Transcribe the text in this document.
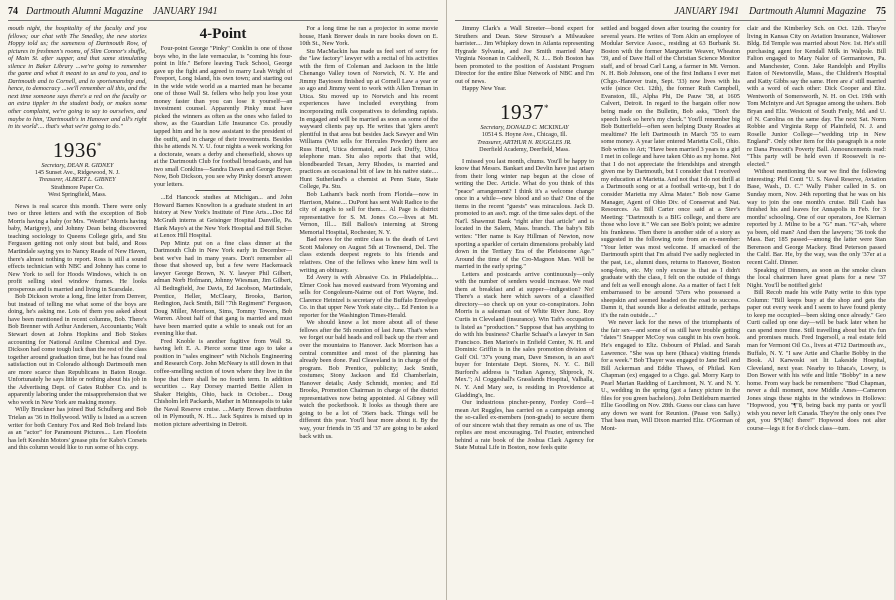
74 Dartmouth Alumni Magazine JANUARY 1941

mouth night, the hospitality of the faculty and you fellows; our chat with The Smedley, the new stories Hoppy told us; the sameness of Dartmouth Row, of pictures in freshmen's rooms, of Slim Connor's shuffle, of Main St. after supper, and that same stimulating silence in Baker Library ...we're going to remember the game and what it meant to us and to you, and to Dartmouth and to Cornell, and to sportsmanship and, hence, to democracy ...we'll remember all this, and the next time someone says there's a red on the faculty or an extra tippler in the student body, or makes some other complaint, we're going to say to ourselves, and maybe to him, 'Dartmouth's in Hanover and all's right in its world'.... that's what we're going to do."

1936*
Secretary, DEAN R. GIDNEY
145 Sunset Ave., Ridgewood, N. J.
Treasurer, ALBERT L. GIBNEY
Strathmore Paper Co.
West Springfield, Mass.

News is real scarce this month. There were only two or three letters and with the exception of Bob Morris having a baby (or Mrs. "Weetie" Morris having baby, Marigrey), and Johnny Dean being discovered teaching sociology to Queens College girls, and Stu Ferguson getting not only stout but bald, and Ross Martindale saying yes to Nancy Reade of New Haven, there's almost nothing to report. Ross is still a sound effects technician with NBC and Johnny has come to New York to sell for Hoods Windows, which is on profit selling steel window frames. He looks prosperous and is married and living in Scarsdale.

Bob Dickson wrote a long, fine letter from Denver, but instead of telling me what some of the boys are doing, he's asking me. Lots of them you asked about have been mentioned in recent columns, Bob. There's Bob Brenner with Arthur Andersen, Accountants; Walt Stewart down at Johns Hopkins and Bob Stokes accounting for National Aniline Chemical and Dye. Dickson had come tough luck than the rest of the class together around graduation time, but he has found real satisfaction out in Colorado although Dartmouth men are more scarce than Republicans in Baton Rouge. Unfortunately he says little or nothing about his job in the Advertising Dept. of Gates Rubber Co. and is apparently laboring under the misapprehension that we who work in New York are making money.

Willy Bruckner has joined Bud Schulberg and Bob Trielan as '36 in Hollywood. Willy is listed as a screen writer for both Century Fox and Red Bob Ireland lists as an "actor" for Paramount Pictures.... Len Floofein has left Keeshin Motors' grease pits for Kabo's Corsets and this column would like to run some of his copy.

4-Point

Four-point George "Pinky" Conklin is one of those boys who, in the late vernacular, is "coming his four-point in life." Before leaving Tuck School, George gave up the fight and agreed to marry Leah Wright of Freeport, Long Island, his own town; and starting out in the wide wide world as a married man he became one of those Wall St. fellers who help you lose your money faster than you can lose it yourself—an investment counsel. Apparently Pinky must have picked the winners as often as the ones who failed to show, as the Guardian Life Insurance Co. proudly tapped him and he is now assistant to the president of the outfit, and in charge of their investments. Besides this he attends N. Y. U. four nights a week working for a doctorate, wears a derby and cheesefield, shows up at the Dartmouth Club for football broadcasts, and has two small Conklins—Sandra Dawn and George Bryer. Now, Bob Dickson, you see why Pinky doesn't answer your letters.

...Ed Hancock studies at Michigan... and John Howard Barnes Knowlton is a graduate student in art history at New York's Institute of Fine Arts....Doc Ed McGrath interns at Geisinger Hospital Danville, Pa. Hank Mayo's at the New York Hospital and Bill Sicher at Lenox Hill Hospital.

Pep Mintz put on a fine class dinner at the Dartmouth Club in New York early in December—best we've had in many years. Don't remember all those that showed up, but a few were Hackensack lawyer George Brown, N. Y. lawyer Phil Gilbert, adman Norb Hofmann, Johnny Wiesman, Jim Gilbert, Al Bedingfield, Joe Davis, Ed Jacobson, Martindale, Prentice, Heller, McCleary, Brooks, Barton, Redington, Jack Smith, Bill "7th Regiment" Ferguson, Doug Miller, Morrison, Sims, Tommy Towers, Bob Warren. About half of that gang is married and must have been married quite a while to sneak out for an evening like that.

Fred Knoble is another fugitive from Wall St. having left E. A. Pierce some time ago to take a position in "sales engineer" with Nichols Engineering and Research Corp. John McNeary is still down in that coffee-smelling section of town where they live in the hope that there shall be no fourth term. In addition securities ... Ray Dorsey married Bettie Allen in Shaker Heights, Ohio, back in October.... Doug Chisholm left Packards, Mather in Minneapolis to take the Naval Reserve cruise. ....Marty Brown distributes oil in Plymouth, N. H.... Jack Squires is mixed up in motion picture advertising in Detroit.

For a long time he ran a projector in some movie house, Hank Brewer deals in rare books down on E. 10th St., New York.

Stu MacMackin has made us feel sort of sorry for the "law factory" lawyer with a recital of his activities with the firm of Coleman and Jackson in the little Chenango Valley town of Norwich, N. Y. He and Jimmy Baytoson finished up at Cornell Law a year or so ago and Jimmy went to work with Allen Treman in Utica. Stu moved up to Norwich and his recent experiences have included everything from incorporating milk cooperatives to defending rapists. In engaged and will be married as soon as some of the wayward clients pay up. He writes that 'glers aren't plentiful in that area but besides Jack Sawyer and Win Williams (Win sells for Hercules Powder) there are Russ Hurd, Utica dermatol, and Jack Duffy, Utica telephone man. Stu also reports that that wild, blondbearded Texan, Jerry Rhodes, is married and practices an occasional bit of law in his native state.... Hunt Sutherland's a chemist at Penn State, State College, Pa. Stu.

Bob Latham's back north from Florida—now in Harrison, Maine.... DuPont has sent Walt Radice to the city of angels to sell for them.... Al Page is district representative for S. M. Jones Co.—lives at Mt. Vernon, Ill.... Bill Ballou's interning at Strong Memorial Hospital, Rochester, N. Y.

Bad news for the entire class is the death of Levi Scott Maloney on August 5th at Townsend, Del. The class extends deepest regrets to his friends and relatives. One of the fellows who knew him well is writing an obituary.

Ed Avery is with Abrasive Co. in Philadelphia.... Elmer Cook has moved eastward from Wyoming and sells for Congoleum-Nairne out of Fort Wayne, Ind. Clarence Heintzel is secretary of the Buffalo Envelope Co. in that upper New York state city.... Ed Fenton is a reporter for the Washington Times-Herald.

We should know a lot more about all of these fellows after the 5th reunion of last June. That's when we forget our bald heads and roll back up the river and over the mountains to Hanover. Jack Morrison has a central committee and most of the planning has already been done. Paul Cleaveland is in charge of the program. Bob Prentice, publicity; Jack Smith, costumes; Stony Jackson and Ed Chamberlain, Hanover details; Andy Schmidt, monies; and Ed Brooks, Promotion Chairman in charge of the district representatives now being appointed. Al Gibney will watch the pocketbook. It looks as though there are going to be a lot of '36ers back. Things will be different this year. You'll hear more about it. By the way, your friends in '35 and '37 are going to be asked back with us.

JANUARY 1941 Dartmouth Alumni Magazine 75

Jimmy Clark's a Wall Streeter—bond expert for Struthers and Dean. Stew Strouse's a Milwaukee barrister.... Jim Whipkey down in Atlanta representing Hygrade Sylvania, and Joe Smith married Mary Virginia Noonan in Caldwell, N. J.... Bob Boston has been promoted to the position of Assistant Program Director for the entire Blue Network of NBC and I'm out of news.

Happy New Year.

1937*
Secretary, DONALD C. MCKINLAY
10514 S. Hoyne Ave., Chicago, Ill.
Treasurer, ARTHUR N. RUGGLES JR.
Deerfield Academy, Deerfield, Mass.

I missed you last month, chums. You'll be happy to know that Messrs. Bankart and Devlin have just arisen from their long winter nap begun at the close of writing the Dec. Article. What do you think of this "peace" arrangement? I think it's a welcome change once in a while—new blood and so that? One of the items in the recent "guests" was miraculous. Jack D. promoted to an ass't. mgr. of the time sales dept. of the Nat'l. Shawmut Bank "right after that article" and is located in the Salem, Mass. branch. The baby's Bib writes: "Her name is Kay Hillman of Newton, now sporting a sparkler of certain dimensions probably laid down in the Tertiary Era of the Pleistocene Age." Around the time of the Cro-Magnon Man. Will be married in the early spring."

Letters and postcards arrive continuously—only with the number of senders would increase. We read them at breakfast and at supper—indigestion? No! There's a stack here which savors of a classified directory—so check up on your co-conspirators. John Morris is a salesman out of White River Junc. Roy Curtis in Cleveland (insurance). Win Taft's occupation is listed as "production." Suppose that has anything to do with his business? Charlie Schaaf's a lawyer in San Francisco. Ben Marion's in Enfield Center, N. H. and Dominic Griffin is in the sales promotion division of Gulf Oil. '37's young man, Dave Smeson, is an ass't buyer for Interstate Dept. Stores, N. Y. C. Bill Burford's address is "Indian Agency, Shiprock, N. Mex."; Al Coggeshall's Grasslands Hospital, Valhalla, N. Y. And Mary sez, is residing in Providence at Gladding's, Inc.

Our industrious pincher-penny, Fordey Cord—I mean Art Ruggles, has carried on a campaign among the so-called ex-members (non-grads) to secure them of our sincere wish that they remain as one of us. The replies are most encouraging. Tel Frazier, entrenched behind a rate book of the Joshua Clark Agency for State Mutual Life in Boston, now feels quite

settled and bogged down after touring the country for several years. He writes of Tom Akin an employee of Modular Service Assoc., residing at 63 Burbank St. Boston with the former Marguerite Weaver, Wheaton '39, and of Dave Hall of the Christian Science Monitor staff, and of broad Carl Lang, a farmer in Mt. Vernon. N. H. Bob Johnson, one of the first Indians I ever met (Chgo.-Hanover train, Sept. '33) now lives with his wife (since Oct. 12th), the former Ruth Campbell, Evanston, Ill., Alpha Phi, De Pauw '38, at 1605 Calvert, Detroit. In regard to the bargain offer now being made on the Bulletin, Bob asks, "Don't the speech look so here's my check." You'll remember big Bob Butterfield—often seen helping Dusty Roades at mealtime? He left Dartmouth in March '35 to earn some money. A year later entered Marietta Coll., Ohio. Bob writes to Art; "Have been married 3 years to a girl I met in college and have taken Ohio as my home. Not that I do not appreciate the friendships and strength given me by Dartmouth, but I consider that I received my education at Marietta. And not that I do not thrill at a Dartmouth song or at a football write-up, but I do consider Marietta my Alma Mater." Bob now Game Manager, Agent of Ohio Div. of Conservat and Nat. Resources. As Bill Carter once said at a Stev's Meeting: "Dartmouth is a BIG college, and there are those who love it." We can see Bob's point; we admire his frankness. Then there is another side of a story as suggested in the following note from an ex-member: "Your letter was most welcome. If smacked of the Dartmouth spirit that I'm afraid I've sadly neglected in the past, i.e., alumni dues, returns to Hanover, Boston song-fests, etc. My only excuse is that as I didn't graduate with the class, I felt on the outside of things and felt as well enough alone. As a matter of fact I felt embarrassed to be around '37ers who possessed a sheepskin and seemed headed on the road to success. Damn it, that sounds like a defeatist attitude, perhaps it's the rain outside...."

We never lack for the news of the triumphants of the fair sex—and some of us still have trouble getting "dates"! Snapper McCoy was caught in his own hook. He's engaged to Eliz. Osbourn of Philad. and Sarah Lawrence. "She was up here (Ithaca) visiting friends for a week." Bob Thayer was engaged to Jane Bell and Bill Ackerman and Eddie Thaws, of Philad. Ken Chapman (ex) engaged to a Chgo. gal. Morry Karp to Pearl Marian Radding of Larchmont, N. Y. and N. Y. U., wedding in the spring (got a fancy picture in the files for you green bachelors). John Deitleburn married Ellie Goodling on Nov. 28th. Guess our class can have any down we want for Reunion. (Pease von Sally.) That bass man, Will Dixon married Eliz. O'Gorman of Mont-

clair and the Kimberley Sch. on Oct. 12th. They're living in Kansas City on Aviation Insurance, Waltower Bldg. Ed Temple was married about Nov. 1st. He's still purchasing agent for Kendall Milk in Walpole. Bill Falion engaged to Mary Nalor of Germantown, Pa. and Manchester, Conn. Jake Randolph and Phyllis Eaton of Newtonville, Mass., the Children's Hospital and Katty Gibbs say the same. Here are a' still married with a word of each other: Dick Cooper and Eliz. Wentworth of Somersworth, N. H. on Oct. 19th with Tom McIntyre and Art Sprague among the ushers. Bob Bryan and Eliz. Westcott of South Fenly, Md. and U. of N. Carolina on the same day. The next Sat. Norm Robbie and Virginia Repp of Plainfield, N. J. and Roselle Junior College—"wedding trip in New England". Only other item for this paragraph is a note re Dana Prescott's Poverty Ball. Announcements read: "This party will be held even if Roosevelt is re-elected."

Without mentioning the war we find the following interesting: Phil Conti "U. S. Naval Reserve, Aviation Base, Wash., D. C." Wally Fisher called in S. on Sunday morn, Nov. 24th reporting that he was on his way to join the one month's cruise. Bill Cash has finished his and leaves for Annapolis in Feb. for 3 months' schooling. One of our operators, Joe Kiernan reported by J. Milne to be a "G" man. "G"-ah, where ya been, old man? And then the lawyers; '36 took the Mass. Bar; 185 passed—among the latter were Stan Berenson and George Mackey. Brad Peterson passed the Calif. Bar. He, by the way, was the only '37er at a recent Calif. Dinner.

Speaking of Dinners, as soon as the smoke clears the local chairmen have great plans for a new '37 Night. You'll be notified girls!

Bill Recob made his wife Patty write to this type Column: "Bill keeps busy at the shop and gets the paper out every week and I seem to have found plenty to keep me occupied—been skiing once already." Geo Curti called up one day—will be back later when he can spend more time. Still travelling about but it's fun and promises much. Fred Ingersoll, a real estate feld man for Vermont Oil Co., lives at 4712 Dartmouth av., Buffalo, N. Y. "I saw Artie and Charlie Bobby in the Book. Al Karwoski set lit Lakeside Hospital, Cleveland, next year. Nearby to Ithaca's, Lowry, is Don Bower with his wife and little "Bobby" in a new home. From way back be remembers: "Bud Chapman, never a dull moment, now Middle Ames—Cameron Jones sings these nights in the windows in Hollows: "Hopwood, you "¶"8, being back my pants or you'll wish you never left Canada. They're the only ones I've got, you $*(!&(! there!" Hopwood does not alter course—legs it for 8 o'clock class—turn.
